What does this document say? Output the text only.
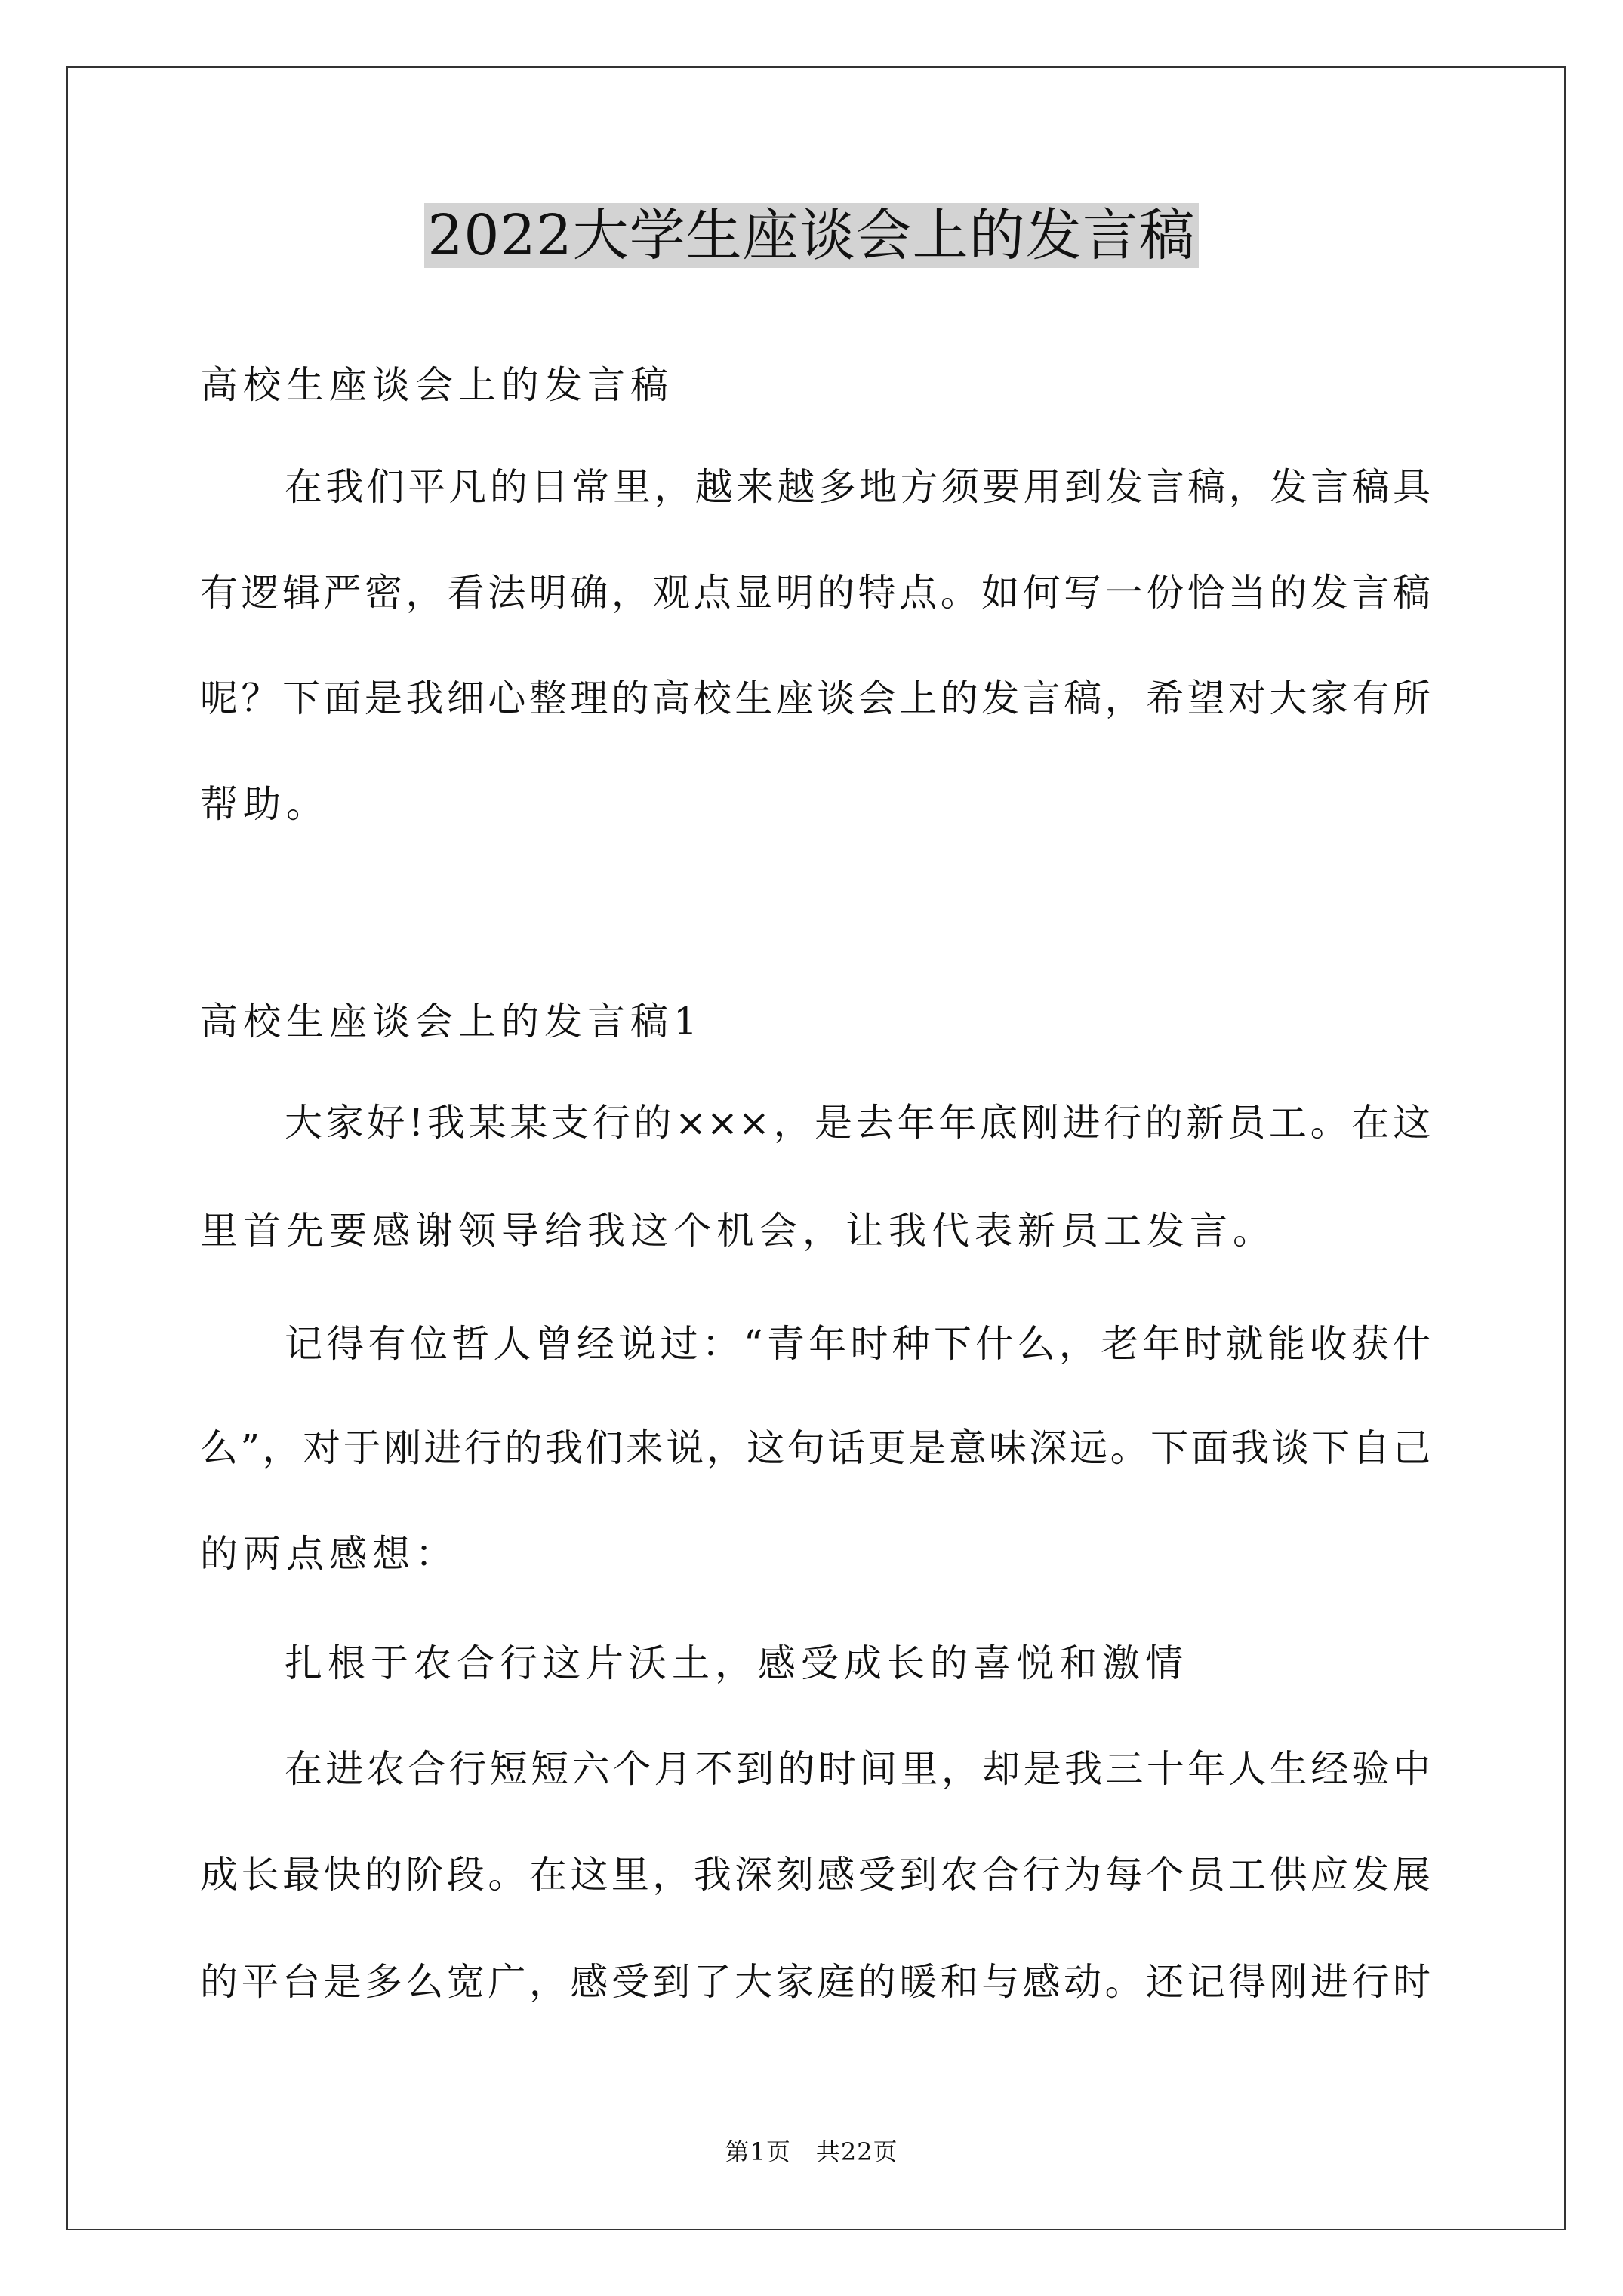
2022大学生座谈会上的发言稿
高校生座谈会上的发言稿
在我们平凡的日常里，越来越多地方须要用到发言稿，发言稿具
有逻辑严密，看法明确，观点显明的特点。如何写一份恰当的发言稿
呢？下面是我细心整理的高校生座谈会上的发言稿，希望对大家有所
帮助。
高校生座谈会上的发言稿1
大家好!我某某支行的×××，是去年年底刚进行的新员工。在这
里首先要感谢领导给我这个机会，让我代表新员工发言。
记得有位哲人曾经说过：“青年时种下什么，老年时就能收获什
么”，对于刚进行的我们来说，这句话更是意味深远。下面我谈下自己
的两点感想：
扎根于农合行这片沃土，感受成长的喜悦和激情
在进农合行短短六个月不到的时间里，却是我三十年人生经验中
成长最快的阶段。在这里，我深刻感受到农合行为每个员工供应发展
的平台是多么宽广，感受到了大家庭的暖和与感动。还记得刚进行时
第1页　共22页
